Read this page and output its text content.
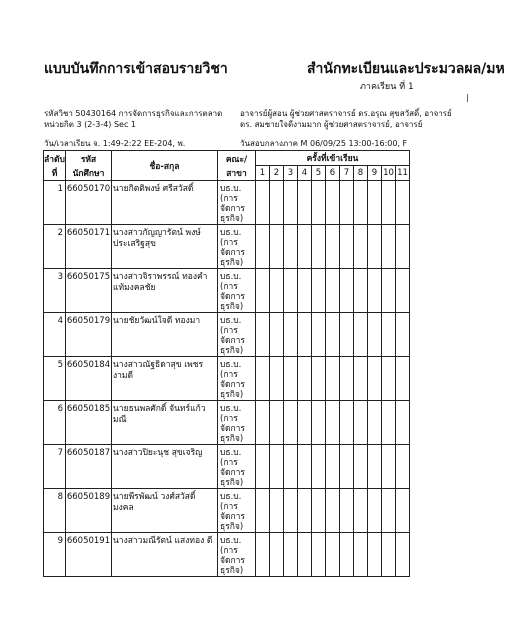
แบบบันทึกการเข้าสอบรายวิชา	สำนักทะเบียนและประมวลผล/มห
ภาคเรียน ที่ 1
|
รหัสวิชา 50430164 การจัดการธุรกิจและการตลาด
หน่วยกิต 3 (2-3-4) Sec 1
วัน/เวลาเรียน จ. 1:49-2:22 EE-204, พ.
อาจารย์ผู้สอน ผู้ช่วยศาสตราจารย์ ดร.อรุณ สุขสวัสดิ์, อาจารย์
ดร. สมชายใจดีงามมาก ผู้ช่วยศาสตราจารย์, อาจารย์
วันสอบกลางภาค M 06/09/25 13:00-16:00, F
ลำดับที่	รหัสนักศึกษา	ชื่อ-สกุล	คณะ/สาขา	ครั้งที่เข้าเรียน										
				1	2	3	4	5	6	7	8	9	10	11
1	66050170	นายกิตติพงษ์ ศรีสวัสดิ์	บธ.บ. (การจัดการธุรกิจ)											
2	66050171	นางสาวกัญญารัตน์ พงษ์ประเสริฐสุข	บธ.บ. (การจัดการธุรกิจ)											
3	66050175	นางสาวจิราพรรณ์ ทองคำแท้มงคลชัย	บธ.บ. (การจัดการธุรกิจ)											
4	66050179	นายชัยวัฒน์ใจดี ทองมา	บธ.บ. (การจัดการธุรกิจ)											
5	66050184	นางสาวณัฐธิดาสุข เพชรงามดี	บธ.บ. (การจัดการธุรกิจ)											
6	66050185	นายธนพลศักดิ์ จันทร์แก้วมณี	บธ.บ. (การจัดการธุรกิจ)											
7	66050187	นางสาวปิยะนุช สุขเจริญ	บธ.บ. (การจัดการธุรกิจ)											
8	66050189	นายพีรพัฒน์ วงศ์สวัสดิ์มงคล	บธ.บ. (การจัดการธุรกิจ)											
9	66050191	นางสาวมณีรัตน์ แสงทอง ดี	บธ.บ. (การจัดการธุรกิจ)											
